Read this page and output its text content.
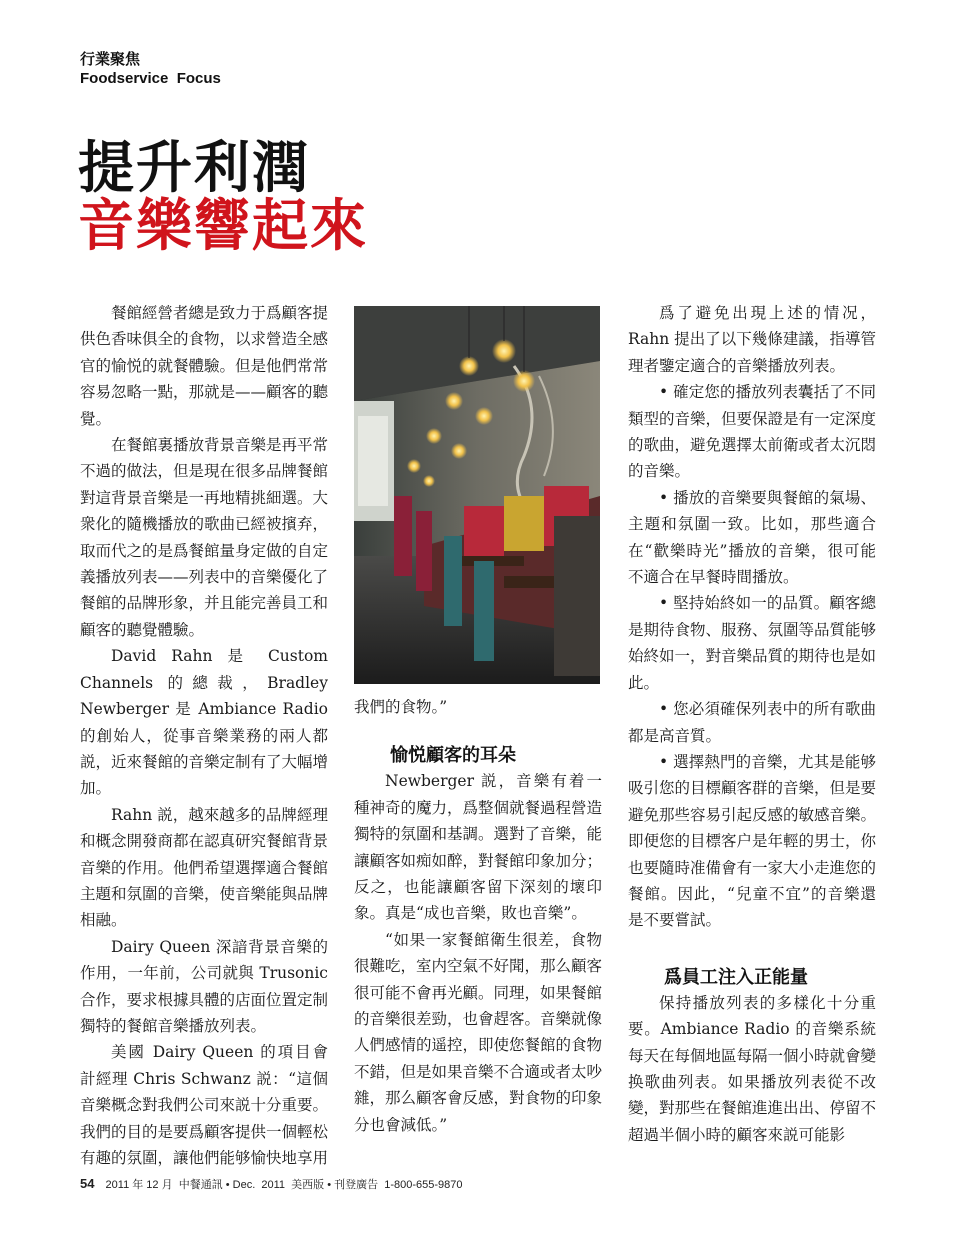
行業聚焦
Foodservice  Focus
提升利潤
音樂響起來

餐館經營者總是致力于爲顧客提供色香味俱全的食物，以求營造全感官的愉悦的就餐體驗。但是他們常常容易忽略一點，那就是——顧客的聽覺。

在餐館裏播放背景音樂是再平常不過的做法，但是現在很多品牌餐館對這背景音樂是一再地精挑細選。大衆化的隨機播放的歌曲已經被擯弃，取而代之的是爲餐館量身定做的自定義播放列表——列表中的音樂優化了餐館的品牌形象，并且能完善員工和顧客的聽覺體驗。

David Rahn 是 Custom Channels 的總裁，Bradley Newberger 是 Ambiance Radio 的創始人，從事音樂業務的兩人都説，近來餐館的音樂定制有了大幅增加。

Rahn 説，越來越多的品牌經理和概念開發商都在認真研究餐館背景音樂的作用。他們希望選擇適合餐館主題和氛圍的音樂，使音樂能與品牌相融。

Dairy Queen 深諳背景音樂的作用，一年前，公司就與 Trusonic 合作，要求根據具體的店面位置定制獨特的餐館音樂播放列表。

美國 Dairy Queen 的項目會計經理 Chris Schwanz 説：“這個音樂概念對我們公司來説十分重要。我們的目的是要爲顧客提供一個輕松有趣的氛圍，讓他們能够愉快地享用

我們的食物。”

愉悦顧客的耳朵

Newberger 説，音樂有着一種神奇的魔力，爲整個就餐過程營造獨特的氛圍和基調。選對了音樂，能讓顧客如痴如醉，對餐館印象加分；反之，也能讓顧客留下深刻的壞印象。真是“成也音樂，敗也音樂”。

“如果一家餐館衛生很差，食物很難吃，室内空氣不好聞，那么顧客很可能不會再光顧。同理，如果餐館的音樂很差勁，也會趕客。音樂就像人們感情的遥控，即使您餐館的食物不錯，但是如果音樂不合適或者太吵雜，那么顧客會反感，對食物的印象分也會減低。”

爲了避免出現上述的情况，Rahn 提出了以下幾條建議，指導管理者鑒定適合的音樂播放列表。

• 確定您的播放列表囊括了不同類型的音樂，但要保證是有一定深度的歌曲，避免選擇太前衛或者太沉悶的音樂。

• 播放的音樂要與餐館的氣場、主題和氛圍一致。比如，那些適合在“歡樂時光”播放的音樂，很可能不適合在早餐時間播放。

• 堅持始終如一的品質。顧客總是期待食物、服務、氛圍等品質能够始終如一，對音樂品質的期待也是如此。

• 您必須確保列表中的所有歌曲都是高音質。

• 選擇熱門的音樂，尤其是能够吸引您的目標顧客群的音樂，但是要避免那些容易引起反感的敏感音樂。即便您的目標客户是年輕的男士，你也要隨時准備會有一家大小走進您的餐館。因此，“兒童不宜”的音樂還是不要嘗試。

爲員工注入正能量

保持播放列表的多樣化十分重要。Ambiance Radio 的音樂系統每天在每個地區每隔一個小時就會變换歌曲列表。如果播放列表從不改變，對那些在餐館進進出出、停留不超過半個小時的顧客來説可能影

54 2011 年 12 月  中餐通訊 • Dec.  2011  美西版 • 刊登廣告  1-800-655-9870
